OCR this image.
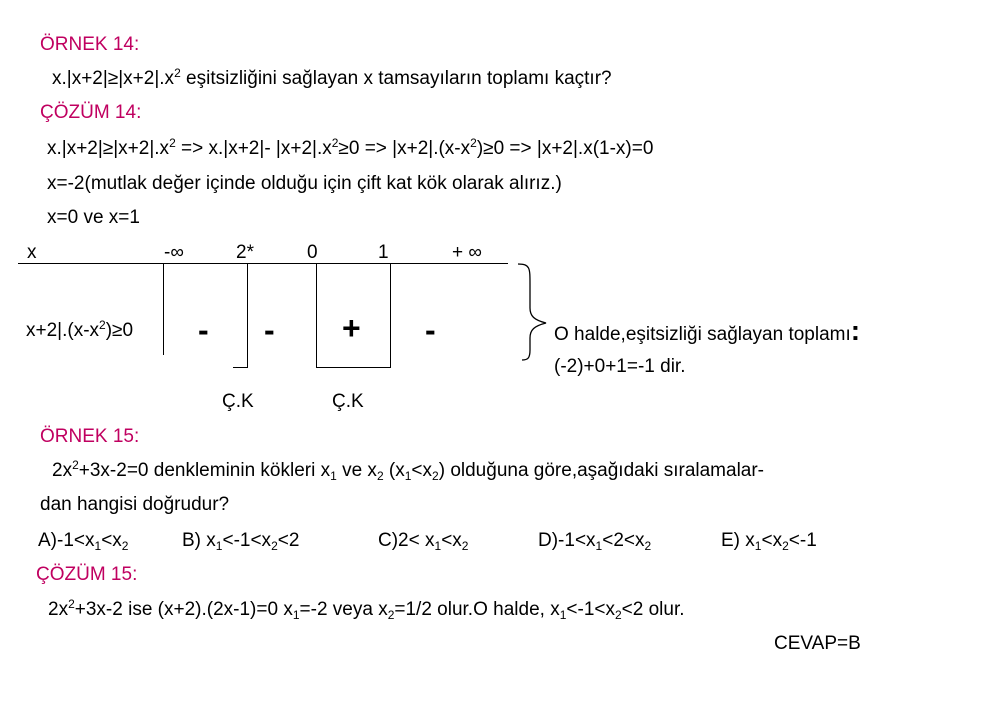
ÖRNEK 14:
$x.|x+2|\ge|x+2|.x^2$ eşitsizliğini sağlayan x tamsayıların toplamı kaçtır?
ÇÖZÜM 14:
$x.|x+2|\ge|x+2|.x^2 => x.|x+2|-$ $|x+2|.x^2\ge 0 => |x+2|.(x-x^2)\ge 0 => |x+2|.x(1-x)=0$
x=-2(mutlak değer içinde olduğu için çift kat kök olarak alırız.)
x=0 ve x=1
x	-∞	2*	0	1	+ ∞
$x+2|.(x-x^2)\ge 0$ - - + -	O halde,eşitsizliği sağlayan toplamı:
(-2)+0+1=-1 dir.
Ç.K	Ç.K
ÖRNEK 15:
$2x^2+3x-2=0$ denkleminin kökleri $x_1$ ve $x_2$ $(x_1<x_2)$ olduğuna göre,aşağıdaki sıralamalar-
dan hangisi doğrudur?
$A)-1<x_1<x_2$	B) $x_1<-1<x_2<2$	$C)2< x_1<x_2$	$D)-1<x_1<2<x_2$	E) $x_1<x_2<-1$
ÇÖZÜM 15:
$2x^2+3x-2$ ise (x+2).(2x-1)=0 $x_1=-2$ veya $x_2=1/2$ olur.O halde, $x_1<-1<x_2<2$ olur.
CEVAP=B
